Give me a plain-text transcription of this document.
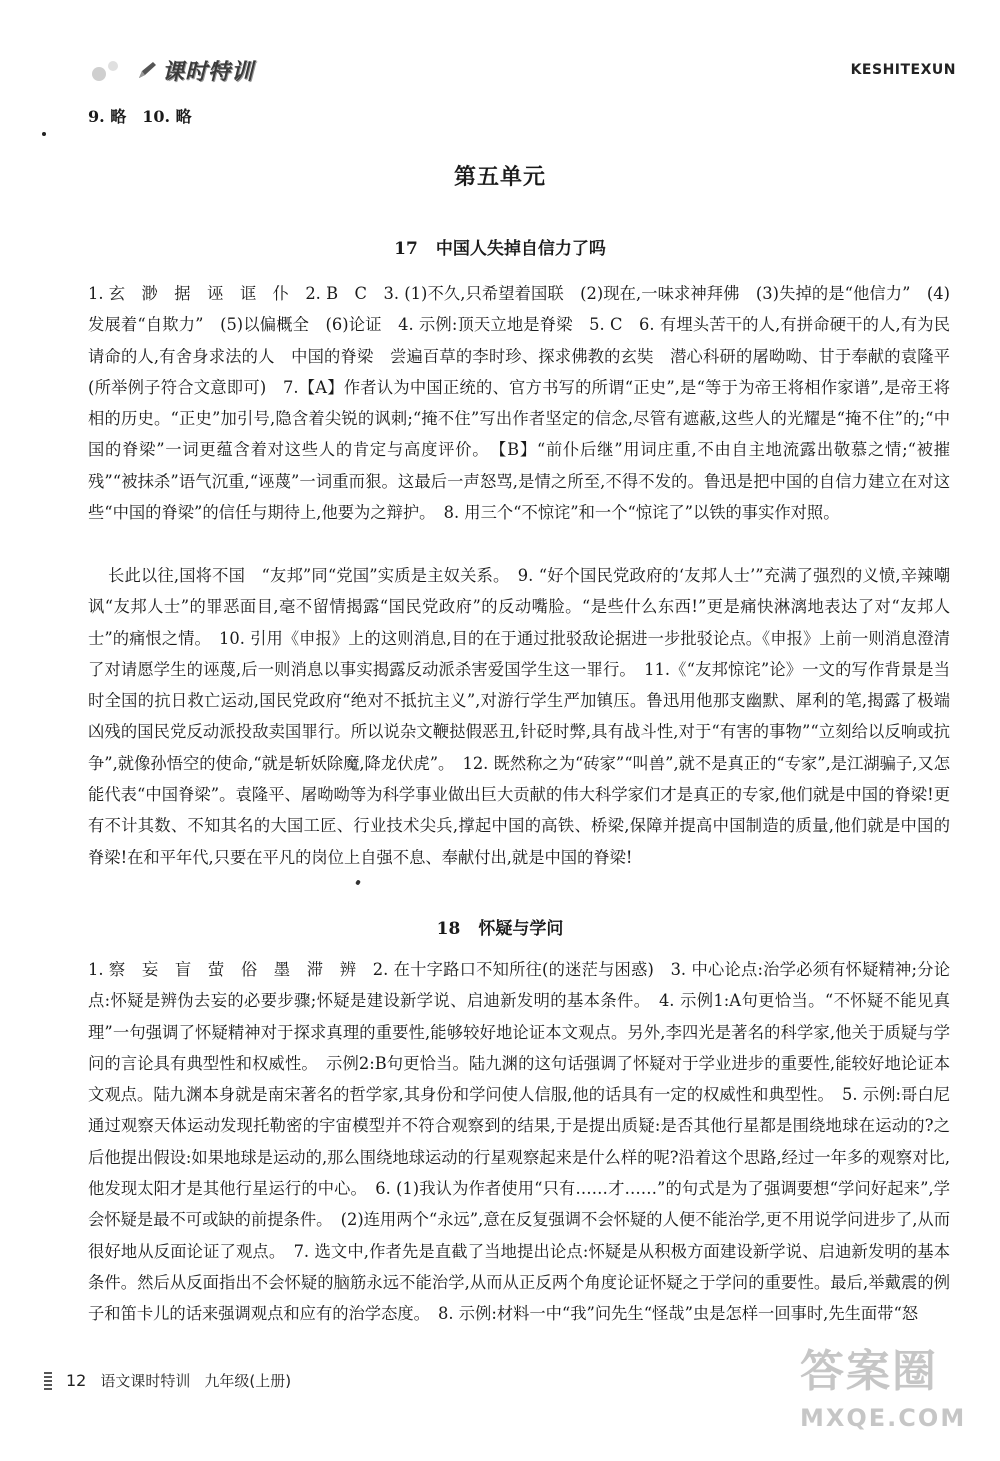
课时特训	KESHITEXUN
9. 略　10. 略
第五单元
17 中国人失掉自信力了吗

1. 玄　渺　据　诬　诓　仆　2. B　C　3. (1)不久,只希望着国联　(2)现在,一味求神拜佛　(3)失掉的是“他信力”　(4)发展着“自欺力”　(5)以偏概全　(6)论证　4. 示例:顶天立地是脊梁　5. C　6. 有埋头苦干的人,有拼命硬干的人,有为民请命的人,有舍身求法的人　中国的脊梁　尝遍百草的李时珍、探求佛教的玄奘　潜心科研的屠呦呦、甘于奉献的袁隆平(所举例子符合文意即可)　7.【A】作者认为中国正统的、官方书写的所谓“正史”,是“等于为帝王将相作家谱”,是帝王将相的历史。“正史”加引号,隐含着尖锐的讽刺;“掩不住”写出作者坚定的信念,尽管有遮蔽,这些人的光耀是“掩不住”的;“中国的脊梁”一词更蕴含着对这些人的肯定与高度评价。　【B】“前仆后继”用词庄重,不由自主地流露出敬慕之情;“被摧残”“被抹杀”语气沉重,“诬蔑”一词重而狠。这最后一声怒骂,是情之所至,不得不发的。鲁迅是把中国的自信力建立在对这些“中国的脊梁”的信任与期待上,他要为之辩护。　8. 用三个“不惊诧”和一个“惊诧了”以铁的事实作对照。

长此以往,国将不国　“友邦”同“党国”实质是主奴关系。　9. “好个国民党政府的‘友邦人士’”充满了强烈的义愤,辛辣嘲讽“友邦人士”的罪恶面目,毫不留情揭露“国民党政府”的反动嘴脸。“是些什么东西!”更是痛快淋漓地表达了对“友邦人士”的痛恨之情。　10. 引用《申报》上的这则消息,目的在于通过批驳敌论据进一步批驳论点。《申报》上前一则消息澄清了对请愿学生的诬蔑,后一则消息以事实揭露反动派杀害爱国学生这一罪行。　11.《“友邦惊诧”论》一文的写作背景是当时全国的抗日救亡运动,国民党政府“绝对不抵抗主义”,对游行学生严加镇压。鲁迅用他那支幽默、犀利的笔,揭露了极端凶残的国民党反动派投敌卖国罪行。所以说杂文鞭挞假恶丑,针砭时弊,具有战斗性,对于“有害的事物”“立刻给以反响或抗争”,就像孙悟空的使命,“就是斩妖除魔,降龙伏虎”。　12. 既然称之为“砖家”“叫兽”,就不是真正的“专家”,是江湖骗子,又怎能代表“中国脊梁”。袁隆平、屠呦呦等为科学事业做出巨大贡献的伟大科学家们才是真正的专家,他们就是中国的脊梁!更有不计其数、不知其名的大国工匠、行业技术尖兵,撑起中国的高铁、桥梁,保障并提高中国制造的质量,他们就是中国的脊梁!在和平年代,只要在平凡的岗位上自强不息、奉献付出,就是中国的脊梁!

18 怀疑与学问

1. 察　妄　盲　萤　俗　墨　滞　辨　2. 在十字路口不知所往(的迷茫与困惑)　3. 中心论点:治学必须有怀疑精神;分论点:怀疑是辨伪去妄的必要步骤;怀疑是建设新学说、启迪新发明的基本条件。　4. 示例1:A句更恰当。“不怀疑不能见真理”一句强调了怀疑精神对于探求真理的重要性,能够较好地论证本文观点。另外,李四光是著名的科学家,他关于质疑与学问的言论具有典型性和权威性。　示例2:B句更恰当。陆九渊的这句话强调了怀疑对于学业进步的重要性,能较好地论证本文观点。陆九渊本身就是南宋著名的哲学家,其身份和学问使人信服,他的话具有一定的权威性和典型性。　5. 示例:哥白尼通过观察天体运动发现托勒密的宇宙模型并不符合观察到的结果,于是提出质疑:是否其他行星都是围绕地球在运动的?之后他提出假设:如果地球是运动的,那么围绕地球运动的行星观察起来是什么样的呢?沿着这个思路,经过一年多的观察对比,他发现太阳才是其他行星运行的中心。　6. (1)我认为作者使用“只有……才……”的句式是为了强调要想“学问好起来”,学会怀疑是最不可或缺的前提条件。　(2)连用两个“永远”,意在反复强调不会怀疑的人便不能治学,更不用说学问进步了,从而很好地从反面论证了观点。　7. 选文中,作者先是直截了当地提出论点:怀疑是从积极方面建设新学说、启迪新发明的基本条件。然后从反面指出不会怀疑的脑筋永远不能治学,从而从正反两个角度论证怀疑之于学问的重要性。最后,举戴震的例子和笛卡儿的话来强调观点和应有的治学态度。　8. 示例:材料一中“我”问先生“怪哉”虫是怎样一回事时,先生面带“怒

12 语文课时特训 九年级(上册)	答案圈
MXQE.COM
